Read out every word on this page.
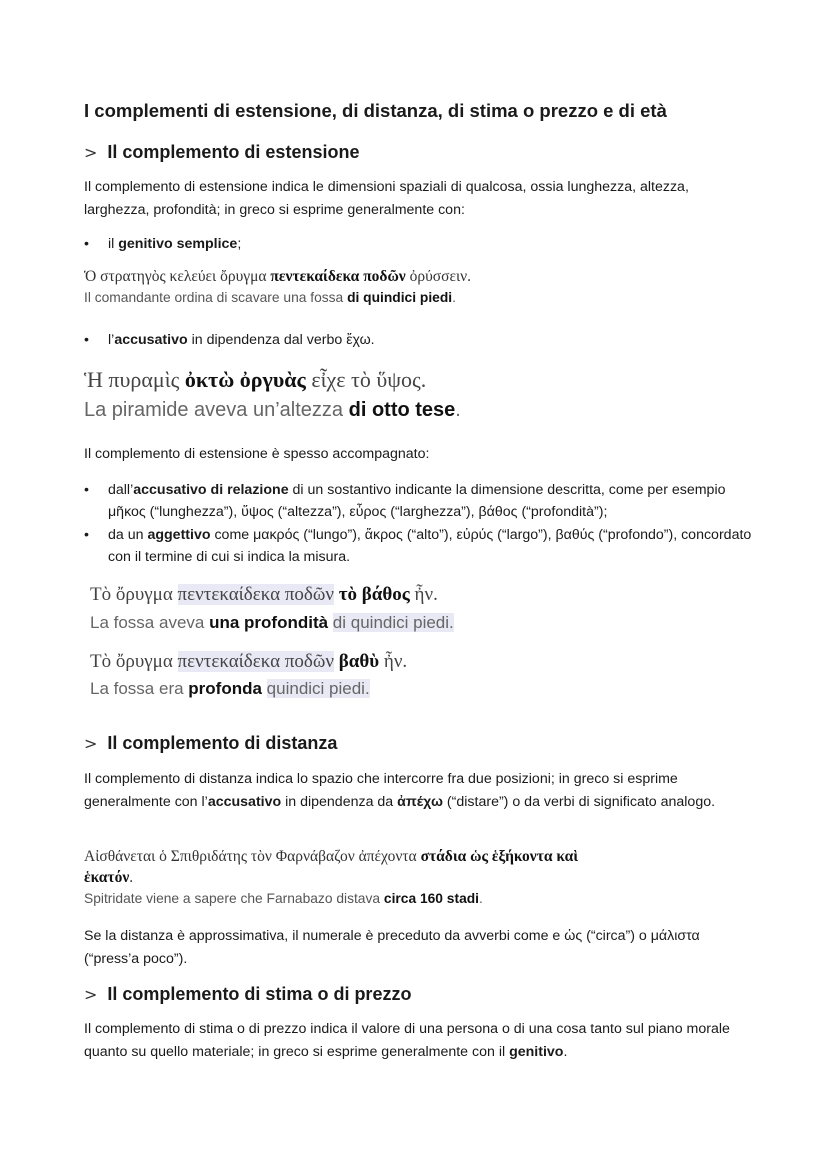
I complementi di estensione, di distanza, di stima o prezzo e di età
> Il complemento di estensione
Il complemento di estensione indica le dimensioni spaziali di qualcosa, ossia lunghezza, altezza, larghezza, profondità; in greco si esprime generalmente con:
•	il genitivo semplice;
Ὁ στρατηγὸς κελεύει ὄρυγμα πεντεκαίδεκα ποδῶν ὀρύσσειν.
Il comandante ordina di scavare una fossa di quindici piedi.
•	l’accusativo in dipendenza dal verbo ἔχω.
Ἡ πυραμὶς ὀκτὼ ὀργυὰς εἶχε τὸ ὕψος.
La piramide aveva un’altezza di otto tese.
Il complemento di estensione è spesso accompagnato:
•	dall’accusativo di relazione di un sostantivo indicante la dimensione descritta, come per esempio μῆκος (“lunghezza”), ὕψος (“altezza”), εὖρος (“larghezza”), βάθος (“profondità”);
•	da un aggettivo come μακρός (“lungo”), ἄκρος (“alto”), εὐρύς (“largo”), βαθύς (“profondo”), concordato con il termine di cui si indica la misura.
Τὸ ὄρυγμα πεντεκαίδεκα ποδῶν τὸ βάθος ἦν.
La fossa aveva una profondità di quindici piedi.
Τὸ ὄρυγμα πεντεκαίδεκα ποδῶν βαθὺ ἦν.
La fossa era profonda quindici piedi.
> Il complemento di distanza
Il complemento di distanza indica lo spazio che intercorre fra due posizioni; in greco si esprime generalmente con l’accusativo in dipendenza da ἀπέχω (“distare”) o da verbi di significato analogo.
Αἰσθάνεται ὁ Σπιθριδάτης τὸν Φαρνάβαζον ἀπέχοντα στάδια ὡς ἑξήκοντα καὶ
ἑκατόν.
Spitridate viene a sapere che Farnabazo distava circa 160 stadi.
Se la distanza è approssimativa, il numerale è preceduto da avverbi come e ὡς (“circa”) o μάλιστα (“press’a poco”).
> Il complemento di stima o di prezzo
Il complemento di stima o di prezzo indica il valore di una persona o di una cosa tanto sul piano morale quanto su quello materiale; in greco si esprime generalmente con il genitivo.
